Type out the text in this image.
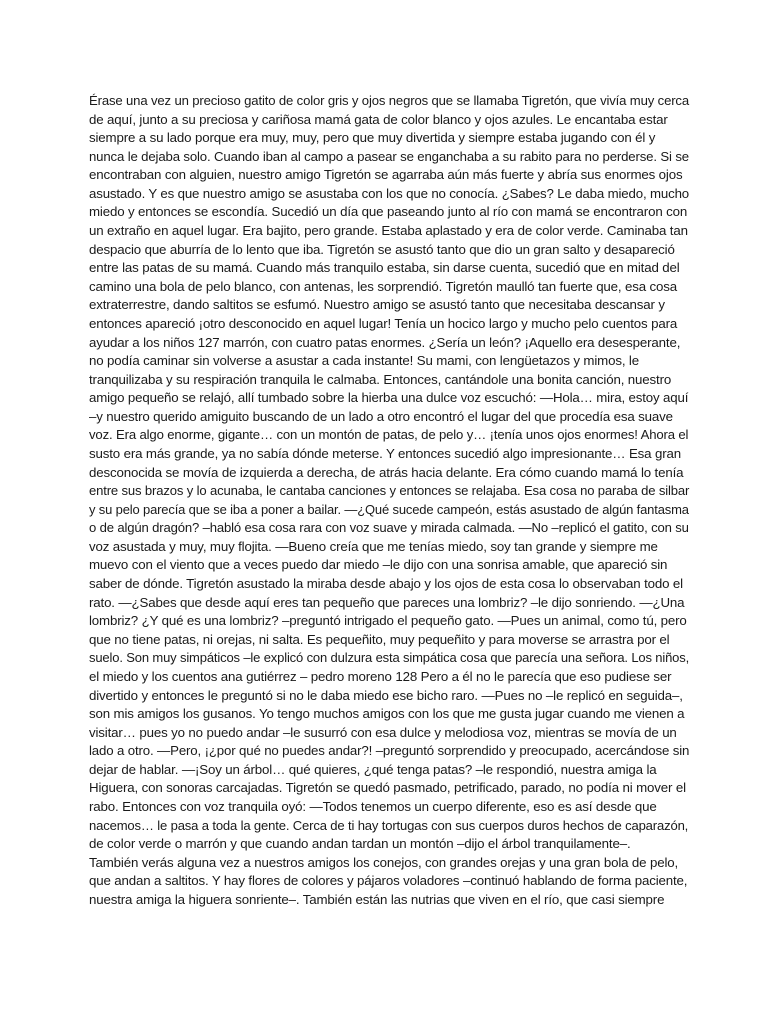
Érase una vez un precioso gatito de color gris y ojos negros que se llamaba Tigretón, que vivía muy cerca
de aquí, junto a su preciosa y cariñosa mamá gata de color blanco y ojos azules. Le encantaba estar
siempre a su lado porque era muy, muy, pero que muy divertida y siempre estaba jugando con él y
nunca le dejaba solo. Cuando iban al campo a pasear se enganchaba a su rabito para no perderse. Si se
encontraban con alguien, nuestro amigo Tigretón se agarraba aún más fuerte y abría sus enormes ojos
asustado. Y es que nuestro amigo se asustaba con los que no conocía. ¿Sabes? Le daba miedo, mucho
miedo y entonces se escondía. Sucedió un día que paseando junto al río con mamá se encontraron con
un extraño en aquel lugar. Era bajito, pero grande. Estaba aplastado y era de color verde. Caminaba tan
despacio que aburría de lo lento que iba. Tigretón se asustó tanto que dio un gran salto y desapareció
entre las patas de su mamá. Cuando más tranquilo estaba, sin darse cuenta, sucedió que en mitad del
camino una bola de pelo blanco, con antenas, les sorprendió. Tigretón maulló tan fuerte que, esa cosa
extraterrestre, dando saltitos se esfumó. Nuestro amigo se asustó tanto que necesitaba descansar y
entonces apareció ¡otro desconocido en aquel lugar! Tenía un hocico largo y mucho pelo cuentos para
ayudar a los niños 127 marrón, con cuatro patas enormes. ¿Sería un león? ¡Aquello era desesperante,
no podía caminar sin volverse a asustar a cada instante! Su mami, con lengüetazos y mimos, le
tranquilizaba y su respiración tranquila le calmaba. Entonces, cantándole una bonita canción, nuestro
amigo pequeño se relajó, allí tumbado sobre la hierba una dulce voz escuchó: —Hola… mira, estoy aquí
–y nuestro querido amiguito buscando de un lado a otro encontró el lugar del que procedía esa suave
voz. Era algo enorme, gigante… con un montón de patas, de pelo y… ¡tenía unos ojos enormes! Ahora el
susto era más grande, ya no sabía dónde meterse. Y entonces sucedió algo impresionante… Esa gran
desconocida se movía de izquierda a derecha, de atrás hacia delante. Era cómo cuando mamá lo tenía
entre sus brazos y lo acunaba, le cantaba canciones y entonces se relajaba. Esa cosa no paraba de silbar
y su pelo parecía que se iba a poner a bailar. —¿Qué sucede campeón, estás asustado de algún fantasma
o de algún dragón? –habló esa cosa rara con voz suave y mirada calmada. —No –replicó el gatito, con su
voz asustada y muy, muy flojita. —Bueno creía que me tenías miedo, soy tan grande y siempre me
muevo con el viento que a veces puedo dar miedo –le dijo con una sonrisa amable, que apareció sin
saber de dónde. Tigretón asustado la miraba desde abajo y los ojos de esta cosa lo observaban todo el
rato. —¿Sabes que desde aquí eres tan pequeño que pareces una lombriz? –le dijo sonriendo. —¿Una
lombriz? ¿Y qué es una lombriz? –preguntó intrigado el pequeño gato. —Pues un animal, como tú, pero
que no tiene patas, ni orejas, ni salta. Es pequeñito, muy pequeñito y para moverse se arrastra por el
suelo. Son muy simpáticos –le explicó con dulzura esta simpática cosa que parecía una señora. Los niños,
el miedo y los cuentos ana gutiérrez – pedro moreno 128 Pero a él no le parecía que eso pudiese ser
divertido y entonces le preguntó si no le daba miedo ese bicho raro. —Pues no –le replicó en seguida–,
son mis amigos los gusanos. Yo tengo muchos amigos con los que me gusta jugar cuando me vienen a
visitar… pues yo no puedo andar –le susurró con esa dulce y melodiosa voz, mientras se movía de un
lado a otro. —Pero, ¡¿por qué no puedes andar?! –preguntó sorprendido y preocupado, acercándose sin
dejar de hablar. —¡Soy un árbol… qué quieres, ¿qué tenga patas? –le respondió, nuestra amiga la
Higuera, con sonoras carcajadas. Tigretón se quedó pasmado, petrificado, parado, no podía ni mover el
rabo. Entonces con voz tranquila oyó: —Todos tenemos un cuerpo diferente, eso es así desde que
nacemos… le pasa a toda la gente. Cerca de ti hay tortugas con sus cuerpos duros hechos de caparazón,
de color verde o marrón y que cuando andan tardan un montón –dijo el árbol tranquilamente–.
También verás alguna vez a nuestros amigos los conejos, con grandes orejas y una gran bola de pelo,
que andan a saltitos. Y hay flores de colores y pájaros voladores –continuó hablando de forma paciente,
nuestra amiga la higuera sonriente–. También están las nutrias que viven en el río, que casi siempre
